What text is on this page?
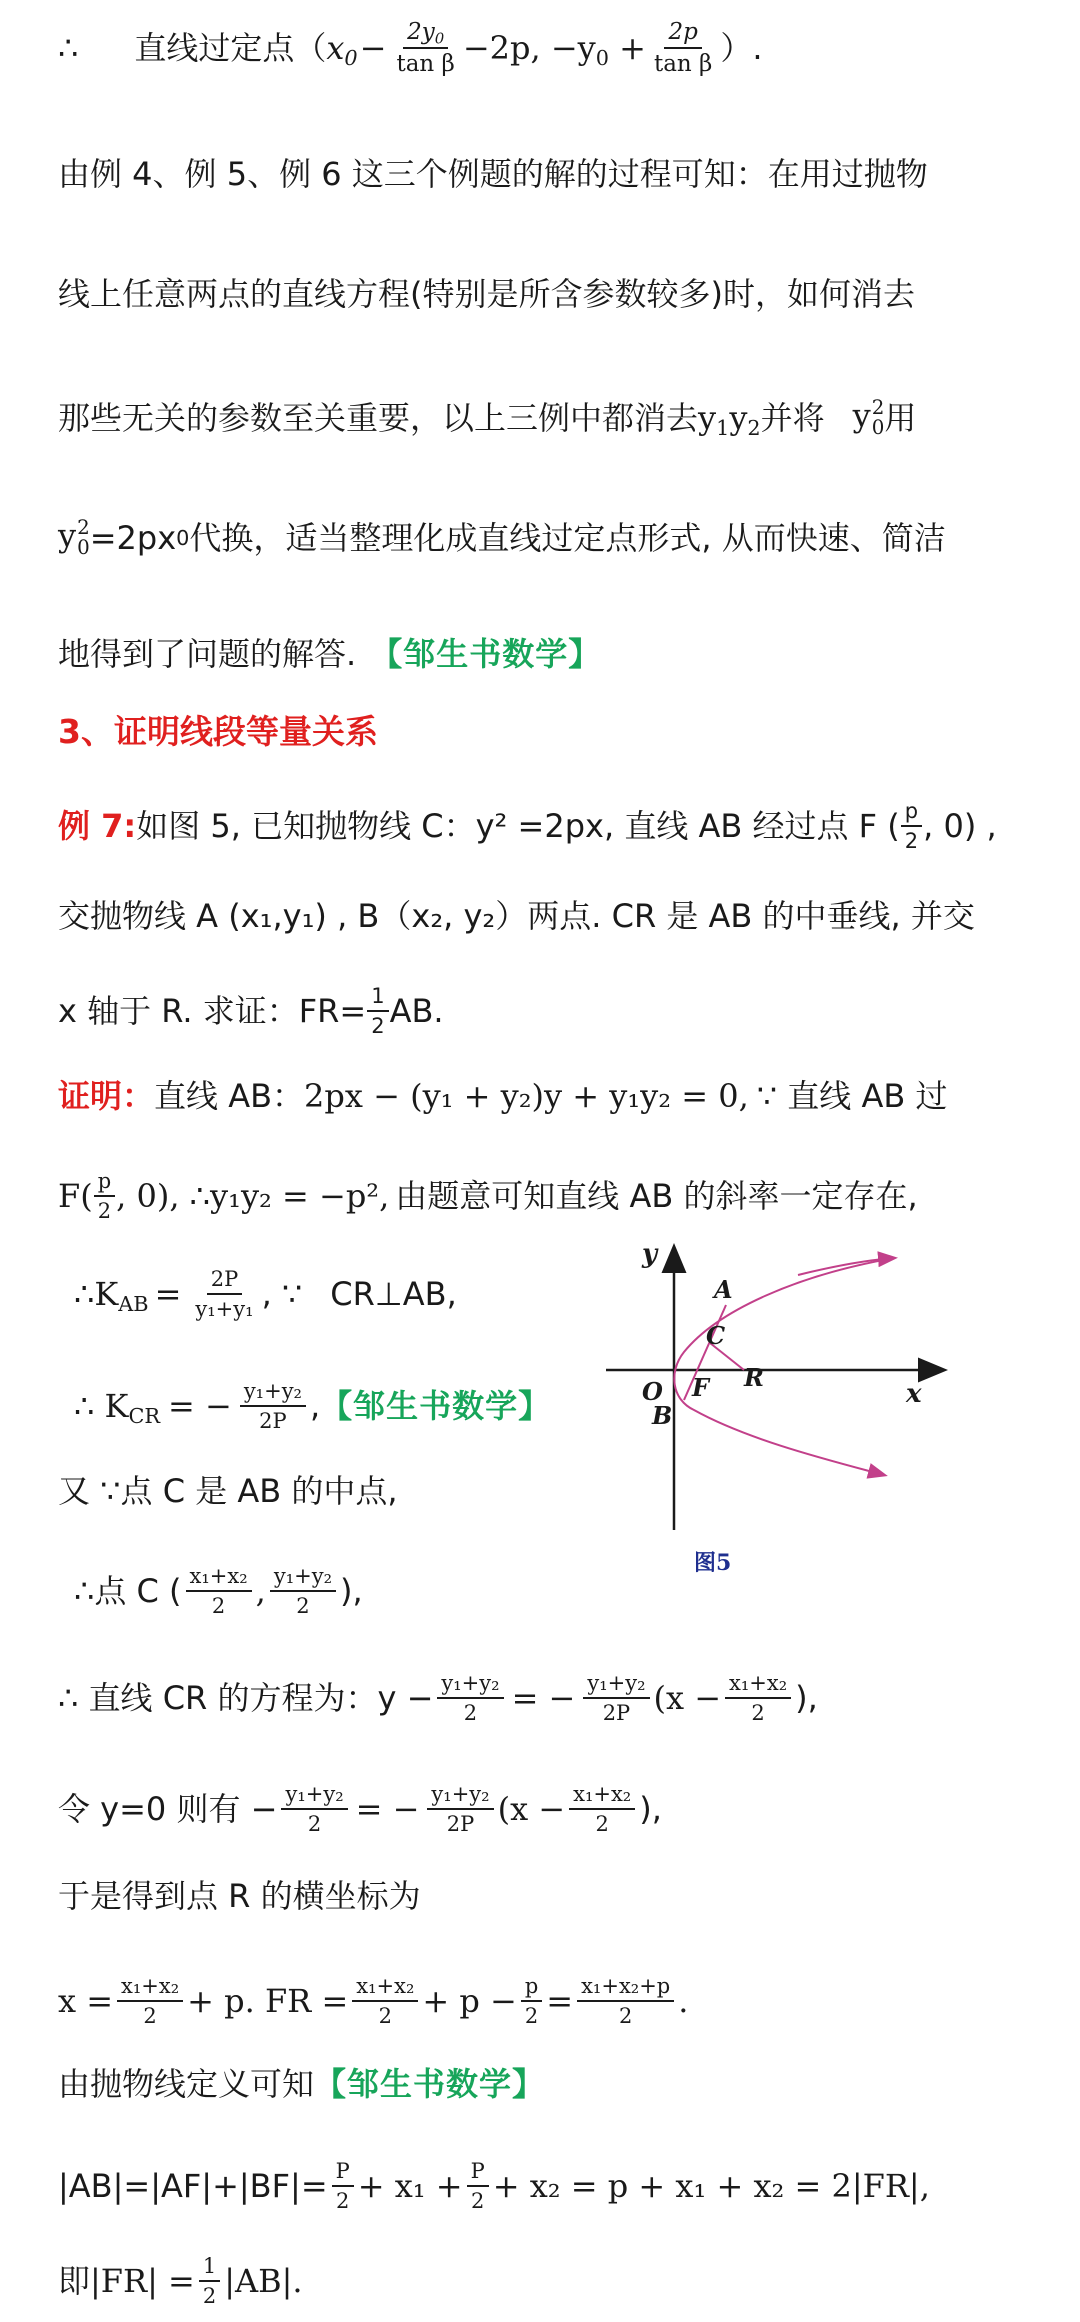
∴ 直线过定点（ $x_0 - \frac{2y_0}{\text{tan β}} -2p$, $-y_0 + \frac{2p}{\text{tan β}}$ ）.
由例 4、例 5、例 6 这三个例题的解的过程可知：在用过抛物
线上任意两点的直线方程(特别是所含参数较多)时，如何消去
那些无关的参数至关重要，以上三例中都消去 $y_1y_2$ 并将 y 2
0 用
y 2
0 =2px 0 代换，适当整理化成直线过定点形式, 从而快速、简洁
地得到了问题的解答. 【邹生书数学】
3、证明线段等量关系
例 7: 如图 5, 已知抛物线 C：y² =2px, 直线 AB 经过点 F ( $\frac{p}{2}$ , 0) ,
交抛物线 A (x₁,y₁) , B（x₂, y₂）两点. CR 是 AB 的中垂线, 并交
x 轴于 R. 求证：$FR= \frac{1}{2}$ AB.
证明： 直线 AB： 2px − (y₁ + y₂)y + y₁y₂ = 0, ∵ 直线 AB 过
$F( \frac{p}{2}$ , 0), ∴y₁y₂ = −p², 由题意可知直线 AB 的斜率一定存在,
$\therefore K_{AB} = \frac{2P}{\text{y₁+y₁}}$ , ∵ CR⊥AB,
∴ $K_{CR}$ = − $\frac{\text{y₁+y₂}}{2P}$ , 【邹生书数学】
又 ∵点 C 是 AB 的中点,
∴点 C ( $\frac{\text{x₁+x₂}}{2}$ , $\frac{\text{y₁+y₂}}{2}$ ),
∴ 直线 CR 的方程为：$y - \frac{\text{y₁+y₂}}{2}$ = − $\frac{\text{y₁+y₂}}{2P} (x - \frac{\text{x₁+x₂}}{2}$ ),
令 y=0 则有 − $\frac{\text{y₁+y₂}}{2}$ = − $\frac{\text{y₁+y₂}}{2P} (x - \frac{\text{x₁+x₂}}{2}$ ),
于是得到点 R 的横坐标为
$x = \frac{\text{x₁+x₂}}{2} + p$. FR = $\frac{\text{x₁+x₂}}{2} + p - \frac{p}{2} = \frac{\text{x₁+x₂+p}}{2}$ .
由抛物线定义可知 【邹生书数学】
$|AB|=|AF|+|BF|= \frac{P}{2} + x_1 + \frac{P}{2} + x_2 = p + x_1 + x_2 = 2|FR|$,
即$|FR| = \frac{1}{2} |AB|$.
y
x
O
A
B
C
F R
图5
